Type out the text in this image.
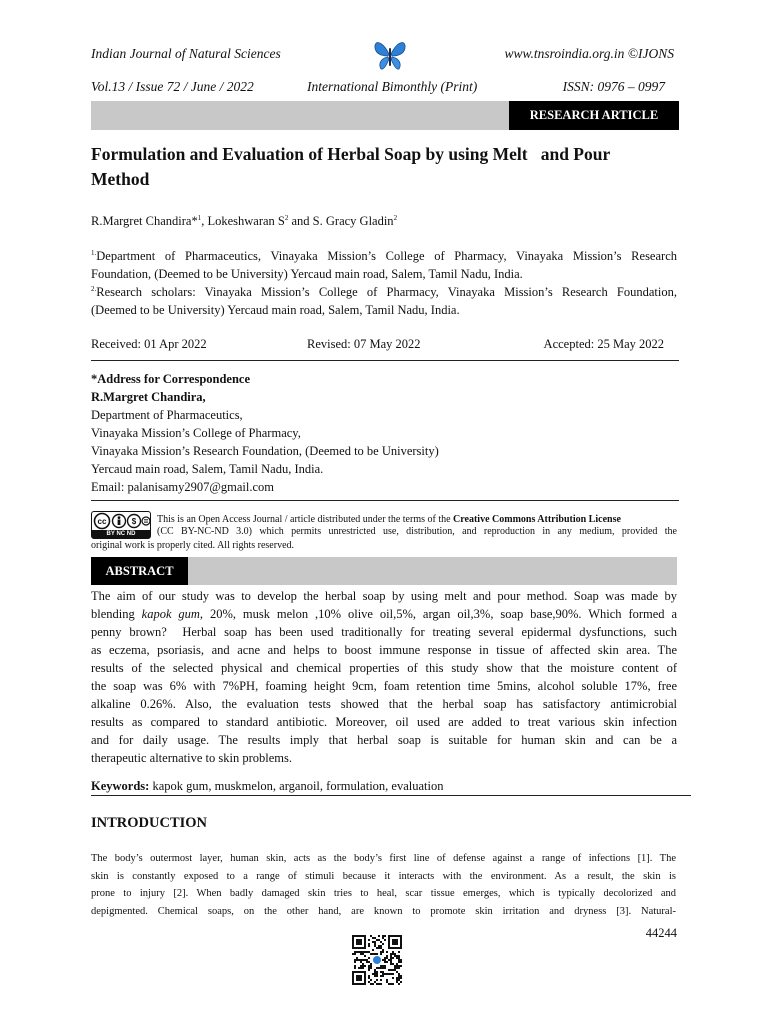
Indian Journal of Natural Sciences	www.tnsroindia.org.in ©IJONS
Vol.13 / Issue 72 / June / 2022	International Bimonthly (Print)	ISSN: 0976 – 0997
RESEARCH ARTICLE
Formulation and Evaluation of Herbal Soap by using Melt   and Pour
Method
R.Margret Chandira*$^1$, Lokeshwaran $S^2$ and S. Gracy Gladin$^2$
$^{1.}$Department of Pharmaceutics, Vinayaka Mission’s College of Pharmacy, Vinayaka Mission’s Research
Foundation, (Deemed to be University) Yercaud main road, Salem, Tamil Nadu, India.
$^{2.}$Research scholars: Vinayaka Mission’s College of Pharmacy, Vinayaka Mission’s Research Foundation,
(Deemed to be University) Yercaud main road, Salem, Tamil Nadu, India.
Received: 01 Apr 2022	Revised: 07 May 2022	Accepted: 25 May 2022
*Address for Correspondence
R.Margret Chandira,
Department of Pharmaceutics,
Vinayaka Mission’s College of Pharmacy,
Vinayaka Mission’s Research Foundation, (Deemed to be University)
Yercaud main road, Salem, Tamil Nadu, India.
Email: palanisamy2907@gmail.com
cc	$
BY NC ND
This is an Open Access Journal / article distributed under the terms of the Creative Commons Attribution License
(CC BY-NC-ND 3.0) which permits unrestricted use, distribution, and reproduction in any medium, provided the
original work is properly cited. All rights reserved.
ABSTRACT
The aim of our study was to develop the herbal soap by using melt and pour method. Soap was made by
blending kapok gum, 20%, musk melon ,10% olive oil,5%, argan oil,3%, soap base,90%. Which formed a
penny brown?  Herbal soap has been used traditionally for treating several epidermal dysfunctions, such
as eczema, psoriasis, and acne and helps to boost immune response in tissue of affected skin area. The
results of the selected physical and chemical properties of this study show that the moisture content of
the soap was 6% with 7%PH, foaming height 9cm, foam retention time 5mins, alcohol soluble 17%, free
alkaline 0.26%. Also, the evaluation tests showed that the herbal soap has satisfactory antimicrobial
results as compared to standard antibiotic. Moreover, oil used are added to treat various skin infection
and for daily usage. The results imply that herbal soap is suitable for human skin and can be a
therapeutic alternative to skin problems.
Keywords: kapok gum, muskmelon, arganoil, formulation, evaluation
INTRODUCTION
The body’s outermost layer, human skin, acts as the body’s first line of defense against a range of infections [1]. The
skin is constantly exposed to a range of stimuli because it interacts with the environment. As a result, the skin is
prone to injury [2]. When badly damaged skin tries to heal, scar tissue emerges, which is typically decolorized and
depigmented. Chemical soaps, on the other hand, are known to promote skin irritation and dryness [3]. Natural-
44244
